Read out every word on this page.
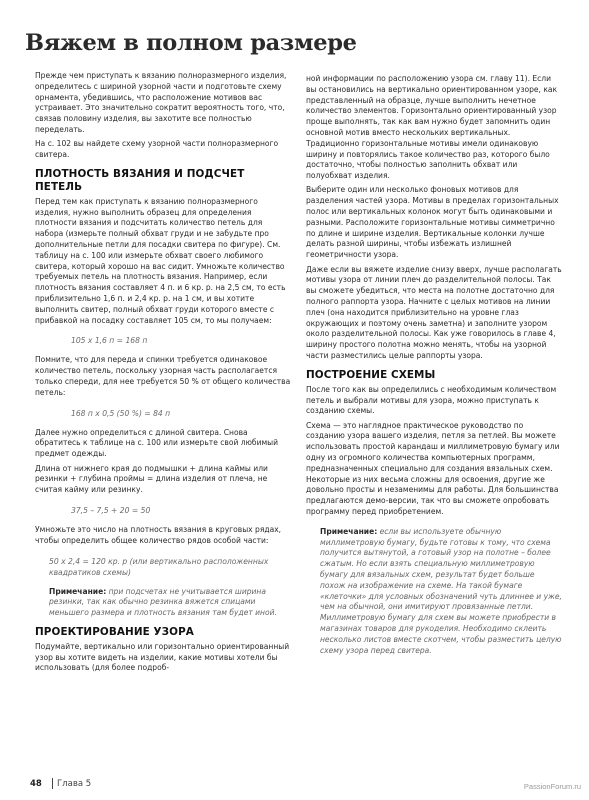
Вяжем в полном размере

Прежде чем приступать к вязанию полноразмерного изделия, определитесь с шириной узорной части и подготовьте схему орнамента, убедившись, что расположение мотивов вас устраивает. Это значительно сократит вероятность того, что, связав половину изделия, вы захотите все полностью переделать.

На с. 102 вы найдете схему узорной части полноразмерного свитера.

ПЛОТНОСТЬ ВЯЗАНИЯ И ПОДСЧЕТ ПЕТЕЛЬ

Перед тем как приступать к вязанию полноразмерного изделия, нужно выполнить образец для определения плотности вязания и подсчитать количество петель для набора (измерьте полный обхват груди и не забудьте про дополнительные петли для посадки свитера по фигуре). См. таблицу на с. 100 или измерьте обхват своего любимого свитера, который хорошо на вас сидит. Умножьте количество требуемых петель на плотность вязания. Например, если плотность вязания составляет 4 п. и 6 кр. р. на 2,5 см, то есть приблизительно 1,6 п. и 2,4 кр. р. на 1 см, и вы хотите выполнить свитер, полный обхват груди которого вместе с прибавкой на посадку составляет 105 см, то мы получаем:

105 х 1,6 п = 168 п

Помните, что для переда и спинки требуется одинаковое количество петель, поскольку узорная часть располагается только спереди, для нее требуется 50 % от общего количества петель:

168 п х 0,5 (50 %) = 84 п

Далее нужно определиться с длиной свитера. Снова обратитесь к таблице на с. 100 или измерьте свой любимый предмет одежды.

Длина от нижнего края до подмышки + длина каймы или резинки + глубина проймы = длина изделия от плеча, не считая кайму или резинку.

37,5 – 7,5 + 20 = 50

Умножьте это число на плотность вязания в круговых рядах, чтобы определить общее количество рядов особой части:

50 х 2,4 = 120 кр. р (или вертикально расположенных квадратиков схемы)
Примечание: при подсчетах не учитывается ширина резинки, так как обычно резинка вяжется спицами меньшего размера и плотность вязания там будет иной.
ПРОЕКТИРОВАНИЕ УЗОРА

Подумайте, вертикально или горизонтально ориентированный узор вы хотите видеть на изделии, какие мотивы хотели бы использовать (для более подроб-

ной информации по расположению узора см. главу 11). Если вы остановились на вертикально ориентированном узоре, как представленный на образце, лучше выполнить нечетное количество элементов. Горизонтально ориентированный узор проще выполнять, так как вам нужно будет запомнить один основной мотив вместо нескольких вертикальных. Традиционно горизонтальные мотивы имели одинаковую ширину и повторялись такое количество раз, которого было достаточно, чтобы полностью заполнить обхват или полуобхват изделия.

Выберите один или несколько фоновых мотивов для разделения частей узора. Мотивы в пределах горизонтальных полос или вертикальных колонок могут быть одинаковыми и разными. Расположите горизонтальные мотивы симметрично по длине и ширине изделия. Вертикальные колонки лучше делать разной ширины, чтобы избежать излишней геометричности узора.

Даже если вы вяжете изделие снизу вверх, лучше располагать мотивы узора от линии плеч до разделительной полосы. Так вы сможете убедиться, что места на полотне достаточно для полного раппорта узора. Начните с целых мотивов на линии плеч (она находится приблизительно на уровне глаз окружающих и поэтому очень заметна) и заполните узором около разделительной полосы. Как уже говорилось в главе 4, ширину простого полотна можно менять, чтобы на узорной части разместились целые раппорты узора.

ПОСТРОЕНИЕ СХЕМЫ

После того как вы определились с необходимым количеством петель и выбрали мотивы для узора, можно приступать к созданию схемы.

Схема — это наглядное практическое руководство по созданию узора вашего изделия, петля за петлей. Вы можете использовать простой карандаш и миллиметровую бумагу или одну из огромного количества компьютерных программ, предназначенных специально для создания вязальных схем. Некоторые из них весьма сложны для освоения, другие же довольно просты и незаменимы для работы. Для большинства предлагаются демо-версии, так что вы сможете опробовать программу перед приобретением.

Примечание: если вы используете обычную миллиметровую бумагу, будьте готовы к тому, что схема получится вытянутой, а готовый узор на полотне – более сжатым. Но если взять специальную миллиметровую бумагу для вязальных схем, результат будет больше похож на изображение на схеме. На такой бумаге «клеточки» для условных обозначений чуть длиннее и уже, чем на обычной, они имитируют провязанные петли. Миллиметровую бумагу для схем вы можете приобрести в магазинах товаров для рукоделия. Необходимо склеить несколько листов вместе скотчем, чтобы разместить целую схему узора перед свитера.
48 Глава 5	PassionForum.ru
